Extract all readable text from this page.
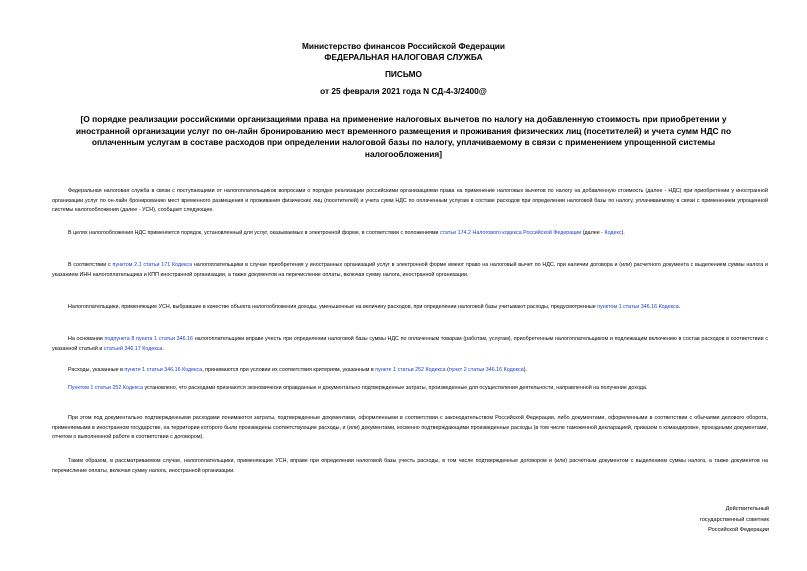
Министерство финансов Российской Федерации
ФЕДЕРАЛЬНАЯ НАЛОГОВАЯ СЛУЖБА
ПИСЬМО
от 25 февраля 2021 года N СД-4-3/2400@
[О порядке реализации российскими организациями права на применение налоговых вычетов по налогу на добавленную стоимость при приобретении у иностранной организации услуг по он-лайн бронированию мест временного размещения и проживания физических лиц (посетителей) и учета сумм НДС по оплаченным услугам в составе расходов при определении налоговой базы по налогу, уплачиваемому в связи с применением упрощенной системы налогообложения]
Федеральная налоговая служба в связи с поступающими от налогоплательщиков вопросами о порядке реализации российскими организациями права на применение налоговых вычетов по налогу на добавленную стоимость (далее - НДС) при приобретении у иностранной организации услуг по он-лайн бронированию мест временного размещения и проживания физических лиц (посетителей) и учета сумм НДС по оплаченным услугам в составе расходов при определении налоговой базы по налогу, уплачиваемому в связи с применением упрощенной системы налогообложения (далее - УСН), сообщает следующее.
В целях налогообложения НДС применяется порядок, установленный для услуг, оказываемых в электронной форме, в соответствии с положениями статьи 174.2 Налогового кодекса Российской Федерации (далее - Кодекс).
В соответствии с пунктом 2.1 статьи 171 Кодекса налогоплательщики в случае приобретения у иностранных организаций услуг в электронной форме имеют право на налоговый вычет по НДС, при наличии договора и (или) расчетного документа с выделением суммы налога и указанием ИНН налогоплательщика и КПП иностранной организации, а также документов на перечисление оплаты, включая сумму налога, иностранной организации.
Налогоплательщики, применяющие УСН, выбравшие в качестве объекта налогообложения доходы, уменьшенные на величину расходов, при определении налоговой базы учитывают расходы, предусмотренные пунктом 1 статьи 346.16 Кодекса.
На основании подпункта 8 пункта 1 статьи 346.16 налогоплательщики вправе учесть при определении налоговой базы суммы НДС по оплаченным товарам (работам, услугам), приобретенным налогоплательщиком и подлежащим включению в состав расходов в соответствии с указанной статьей и статьей 346.17 Кодекса.
Расходы, указанные в пункте 1 статьи 346.16 Кодекса, принимаются при условии их соответствия критериям, указанным в пункте 1 статьи 252 Кодекса (пункт 2 статьи 346.16 Кодекса).
Пунктом 1 статьи 252 Кодекса установлено, что расходами признаются экономически оправданные и документально подтвержденные затраты, произведенные для осуществления деятельности, направленной на получение дохода.
При этом под документально подтвержденными расходами понимаются затраты, подтвержденные документами, оформленными в соответствии с законодательством Российской Федерации, либо документами, оформленными в соответствии с обычаями делового оборота, применяемыми в иностранном государстве, на территории которого были произведены соответствующие расходы, и (или) документами, косвенно подтверждающими произведенные расходы (в том числе таможенной декларацией, приказом о командировке, проездными документами, отчетом о выполненной работе в соответствии с договором).
Таким образом, в рассматриваемом случае, налогоплательщики, применяющие УСН, вправе при определении налоговой базы учесть расходы, в том числе подтвержденные договором и (или) расчетным документом с выделением суммы налога, а также документов на перечисление оплаты, включая сумму налога, иностранной организации.
Действительный
государственный советник
Российской Федерации
